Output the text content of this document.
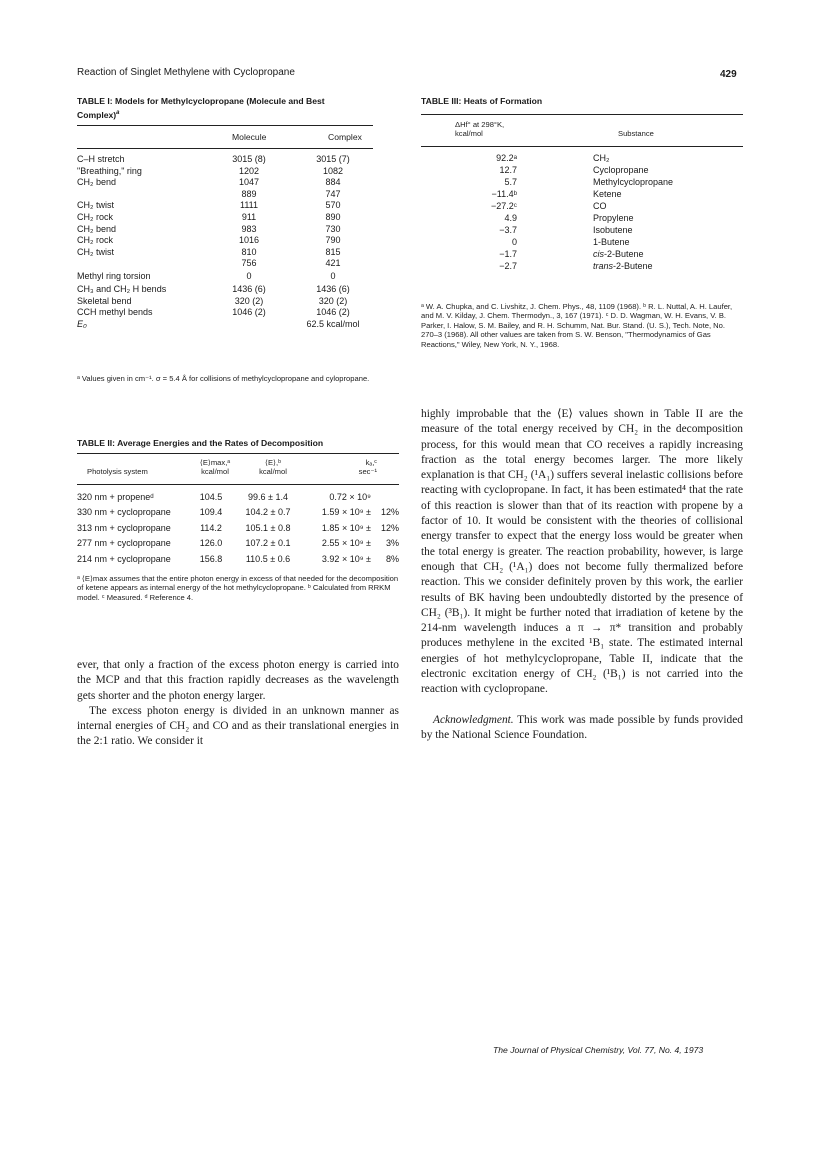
Reaction of Singlet Methylene with Cyclopropane	429
TABLE I: Models for Methylcyclopropane (Molecule and Best Complex)$^a$
Molecule	Complex
C–H stretch	3015 (8)	3015 (7)
"Breathing," ring	1202	1082
CH₂ bend	1047	884
	889	747
CH₂ twist	1111	570
CH₂ rock	911	890
CH₂ bend	983	730
CH₂ rock	1016	790
CH₂ twist	810	815
	756	421
Methyl ring torsion	0	0
CH₃ and CH₂ H bends	1436 (6)	1436 (6)
Skeletal bend	320 (2)	320 (2)
CCH methyl bends	1046 (2)	1046 (2)
E₀		62.5 kcal/mol
ᵃ Values given in cm⁻¹. σ = 5.4 Å for collisions of methylcyclopropane and cylopropane.
TABLE II: Average Energies and the Rates of Decomposition
⟨E⟩max,ᵃ
kcal/mol
⟨E⟩,ᵇ
kcal/mol
kₐ,ᶜ
sec⁻¹
Photolysis system
320 nm + propeneᵈ	104.5	99.6 ± 1.4	0.72 × 10⁹	
330 nm + cyclopropane	109.4	104.2 ± 0.7	1.59 × 10⁹ ±	12%
313 nm + cyclopropane	114.2	105.1 ± 0.8	1.85 × 10⁹ ±	12%
277 nm + cyclopropane	126.0	107.2 ± 0.1	2.55 × 10⁹ ±	3%
214 nm + cyclopropane	156.8	110.5 ± 0.6	3.92 × 10⁹ ±	8%
ᵃ ⟨E⟩max assumes that the entire photon energy in excess of that needed for the decomposition of ketene appears as internal energy of the hot methylcyclopropane. ᵇ Calculated from RRKM model. ᶜ Measured. ᵈ Reference 4.
TABLE III: Heats of Formation
ΔHf° at 298°K,
kcal/mol	Substance
92.2ᵃ		CH₂
12.7		Cyclopropane
5.7		Methylcyclopropane
−11.4ᵇ		Ketene
−27.2ᶜ		CO
4.9		Propylene
−3.7		Isobutene
0		1-Butene
−1.7		cis-2-Butene
−2.7		trans-2-Butene
ᵃ W. A. Chupka, and C. Livshitz, J. Chem. Phys., 48, 1109 (1968). ᵇ R. L. Nuttal, A. H. Laufer, and M. V. Kilday, J. Chem. Thermodyn., 3, 167 (1971). ᶜ D. D. Wagman, W. H. Evans, V. B. Parker, I. Halow, S. M. Bailey, and R. H. Schumm, Nat. Bur. Stand. (U. S.), Tech. Note, No. 270–3 (1968). All other values are taken from S. W. Benson, "Thermodynamics of Gas Reactions," Wiley, New York, N. Y., 1968.

ever, that only a fraction of the excess photon energy is carried into the MCP and that this fraction rapidly decreases as the wavelength gets shorter and the photon energy larger.

The excess photon energy is divided in an unknown manner as internal energies of CH₂ and CO and as their translational energies in the 2:1 ratio. We consider it

highly improbable that the ⟨E⟩ values shown in Table II are the measure of the total energy received by CH₂ in the decomposition process, for this would mean that CO receives a rapidly increasing fraction as the total energy becomes larger. The more likely explanation is that CH₂ (¹A₁) suffers several inelastic collisions before reacting with cyclopropane. In fact, it has been estimated⁴ that the rate of this reaction is slower than that of its reaction with propene by a factor of 10. It would be consistent with the theories of collisional energy transfer to expect that the energy loss would be greater when the total energy is greater. The reaction probability, however, is large enough that CH₂ (¹A₁) does not become fully thermalized before reaction. This we consider definitely proven by this work, the earlier results of BK having been undoubtedly distorted by the presence of CH₂ (³B₁). It might be further noted that irradiation of ketene by the 214-nm wavelength induces a π → π* transition and probably produces methylene in the excited ¹B₁ state. The estimated internal energies of hot methylcyclopropane, Table II, indicate that the electronic excitation energy of CH₂ (¹B₁) is not carried into the reaction with cyclopropane.

Acknowledgment. This work was made possible by funds provided by the National Science Foundation.

The Journal of Physical Chemistry, Vol. 77, No. 4, 1973
